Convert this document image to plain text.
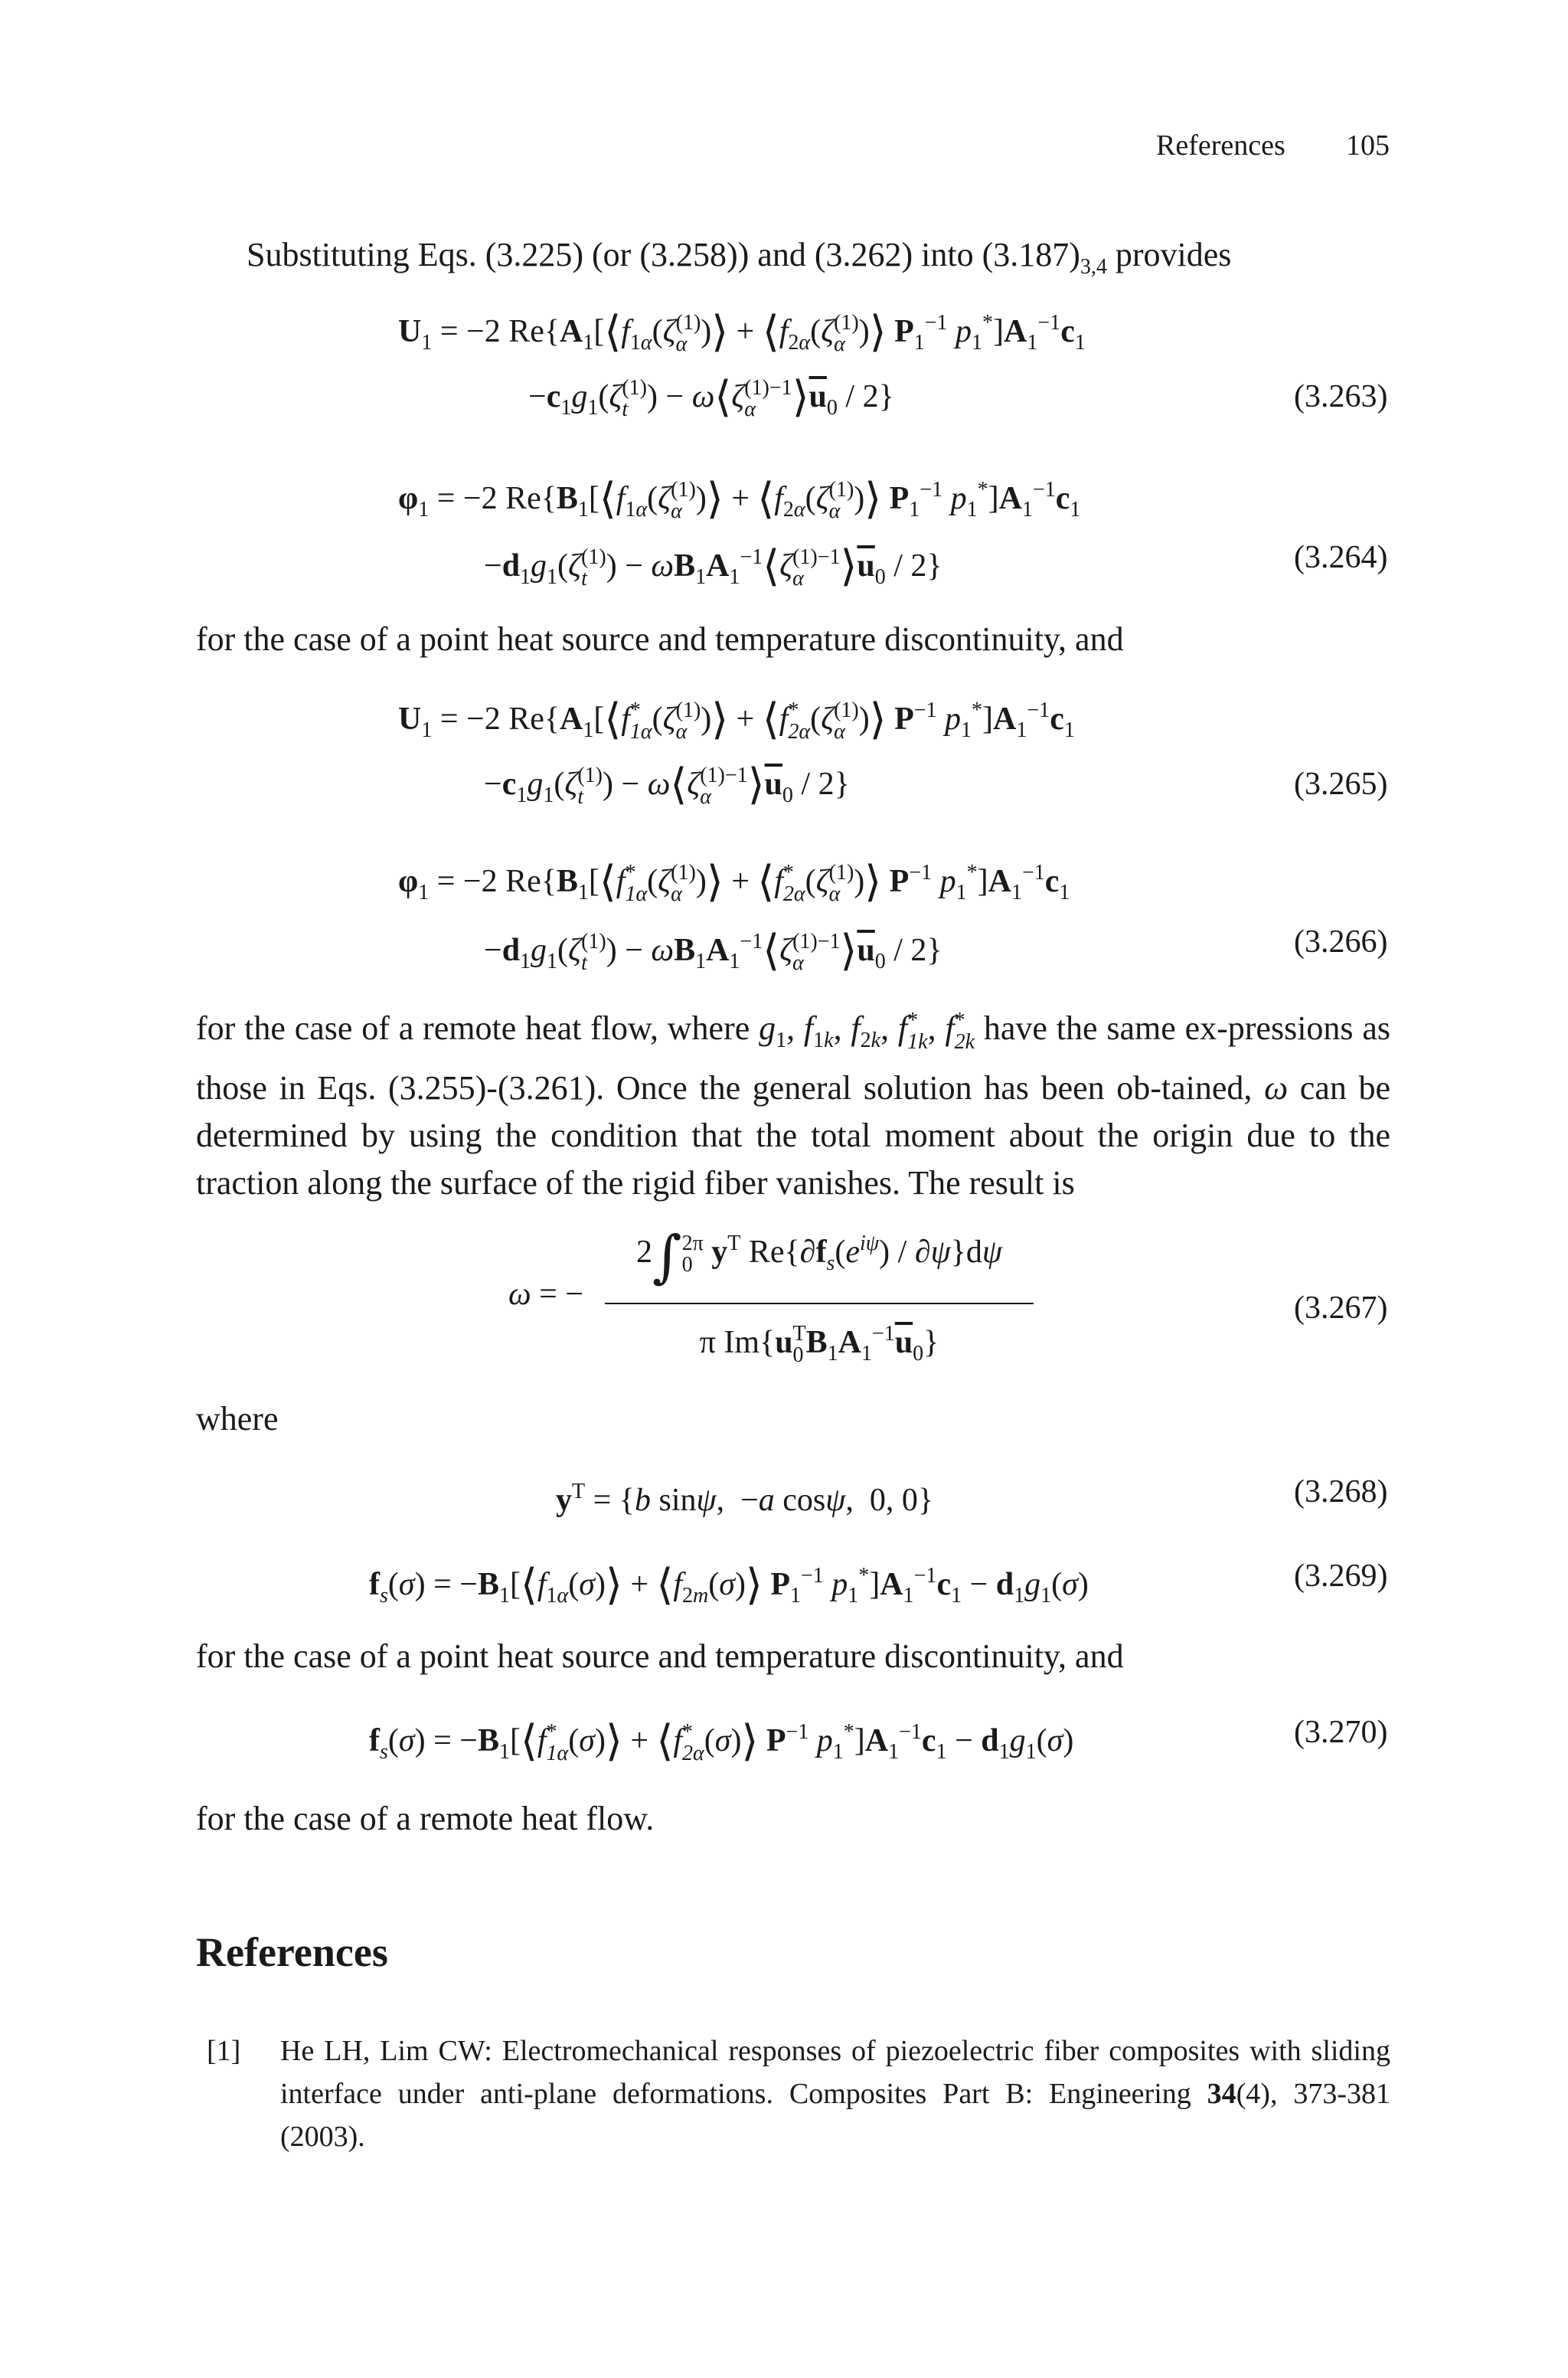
References 105

Substituting Eqs. (3.225) (or (3.258)) and (3.262) into $(3.187)_{3,4}$ provides

$U_1 = -2$ $Re\{A_1[⟨f_{1\alpha}(\zeta$ (1)
α )⟩ + $⟨f_{2\alpha}(\zeta$ (1)
α )⟩ $P_1^{-1}$ $p_1^*]A_1^{-1}c_1$
$-c_1g_1(\zeta$ (1)
t ) − ω⟨ζ (1)−1
α $⟩\overline{u}_0 / 2$}	(3.263)
$\varphi_1 = -2$ $Re\{B_1[⟨f_{1\alpha}(\zeta$ (1)
α )⟩ + $⟨f_{2\alpha}(\zeta$ (1)
α )⟩ $P_1^{-1}$ $p_1^*]A_1^{-1}c_1$
$-d_1g_1(\zeta$ (1)
t ) − $\omega B_1A_1^{-1}⟨\zeta$ (1)−1
α $⟩\overline{u}_0 / 2$}	(3.264)

for the case of a point heat source and temperature discontinuity, and

$U_1 = -2$ $Re\{A_1[⟨f$ *
1α (ζ (1)
α )⟩ + ⟨f *
2α (ζ (1)
α )⟩ $P^{-1}$ $p_1^*]A_1^{-1}c_1$
$-c_1g_1(\zeta$ (1)
t ) − ω⟨ζ (1)−1
α $⟩\overline{u}_0 / 2$}	(3.265)
$\varphi_1 = -2$ $Re\{B_1[⟨f$ *
1α (ζ (1)
α )⟩ + ⟨f *
2α (ζ (1)
α )⟩ $P^{-1}$ $p_1^*]A_1^{-1}c_1$
$-d_1g_1(\zeta$ (1)
t ) − $\omega B_1A_1^{-1}⟨\zeta$ (1)−1
α $⟩\overline{u}_0 / 2$}	(3.266)

for the case of a remote heat flow, where $g_1$, $f_{1k}$, $f_{2k}$, f *
1k , f *
2k have the same ex-pressions as those in Eqs. (3.255)-(3.261). Once the general solution has been ob-tained, ω can be determined by using the condition that the total moment about the origin due to the traction along the surface of the rigid fiber vanishes. The result is

ω = −
2∫ 2π
0 $y^T$ $Re\{\partial f_s(e^{i\psi}) / \partial\psi\}d\psi$
π Im{u T
0 $B_1A_1^{-1}\overline{u}_0$}
(3.267)

where

$y^T = \{b$ sinψ,  −a cosψ,  0, 0}	(3.268)
$f_s(\sigma)$ = $-B_1[⟨f_{1\alpha}(\sigma)⟩$ + $⟨f_{2m}(\sigma)⟩$ $P_1^{-1}$ $p_1^*]A_1^{-1}c_1 - d_1g_1(\sigma)$	(3.269)

for the case of a point heat source and temperature discontinuity, and

$f_s(\sigma)$ = $-B_1[⟨f$ *
1α (σ)⟩ + ⟨f *
2α (σ)⟩ $P^{-1}$ $p_1^*]A_1^{-1}c_1 - d_1g_1(\sigma)$	(3.270)

for the case of a remote heat flow.

References
[1] He LH, Lim CW: Electromechanical responses of piezoelectric fiber composites with sliding interface under anti-plane deformations. Composites Part B: Engineering 34(4), 373-381 (2003).
